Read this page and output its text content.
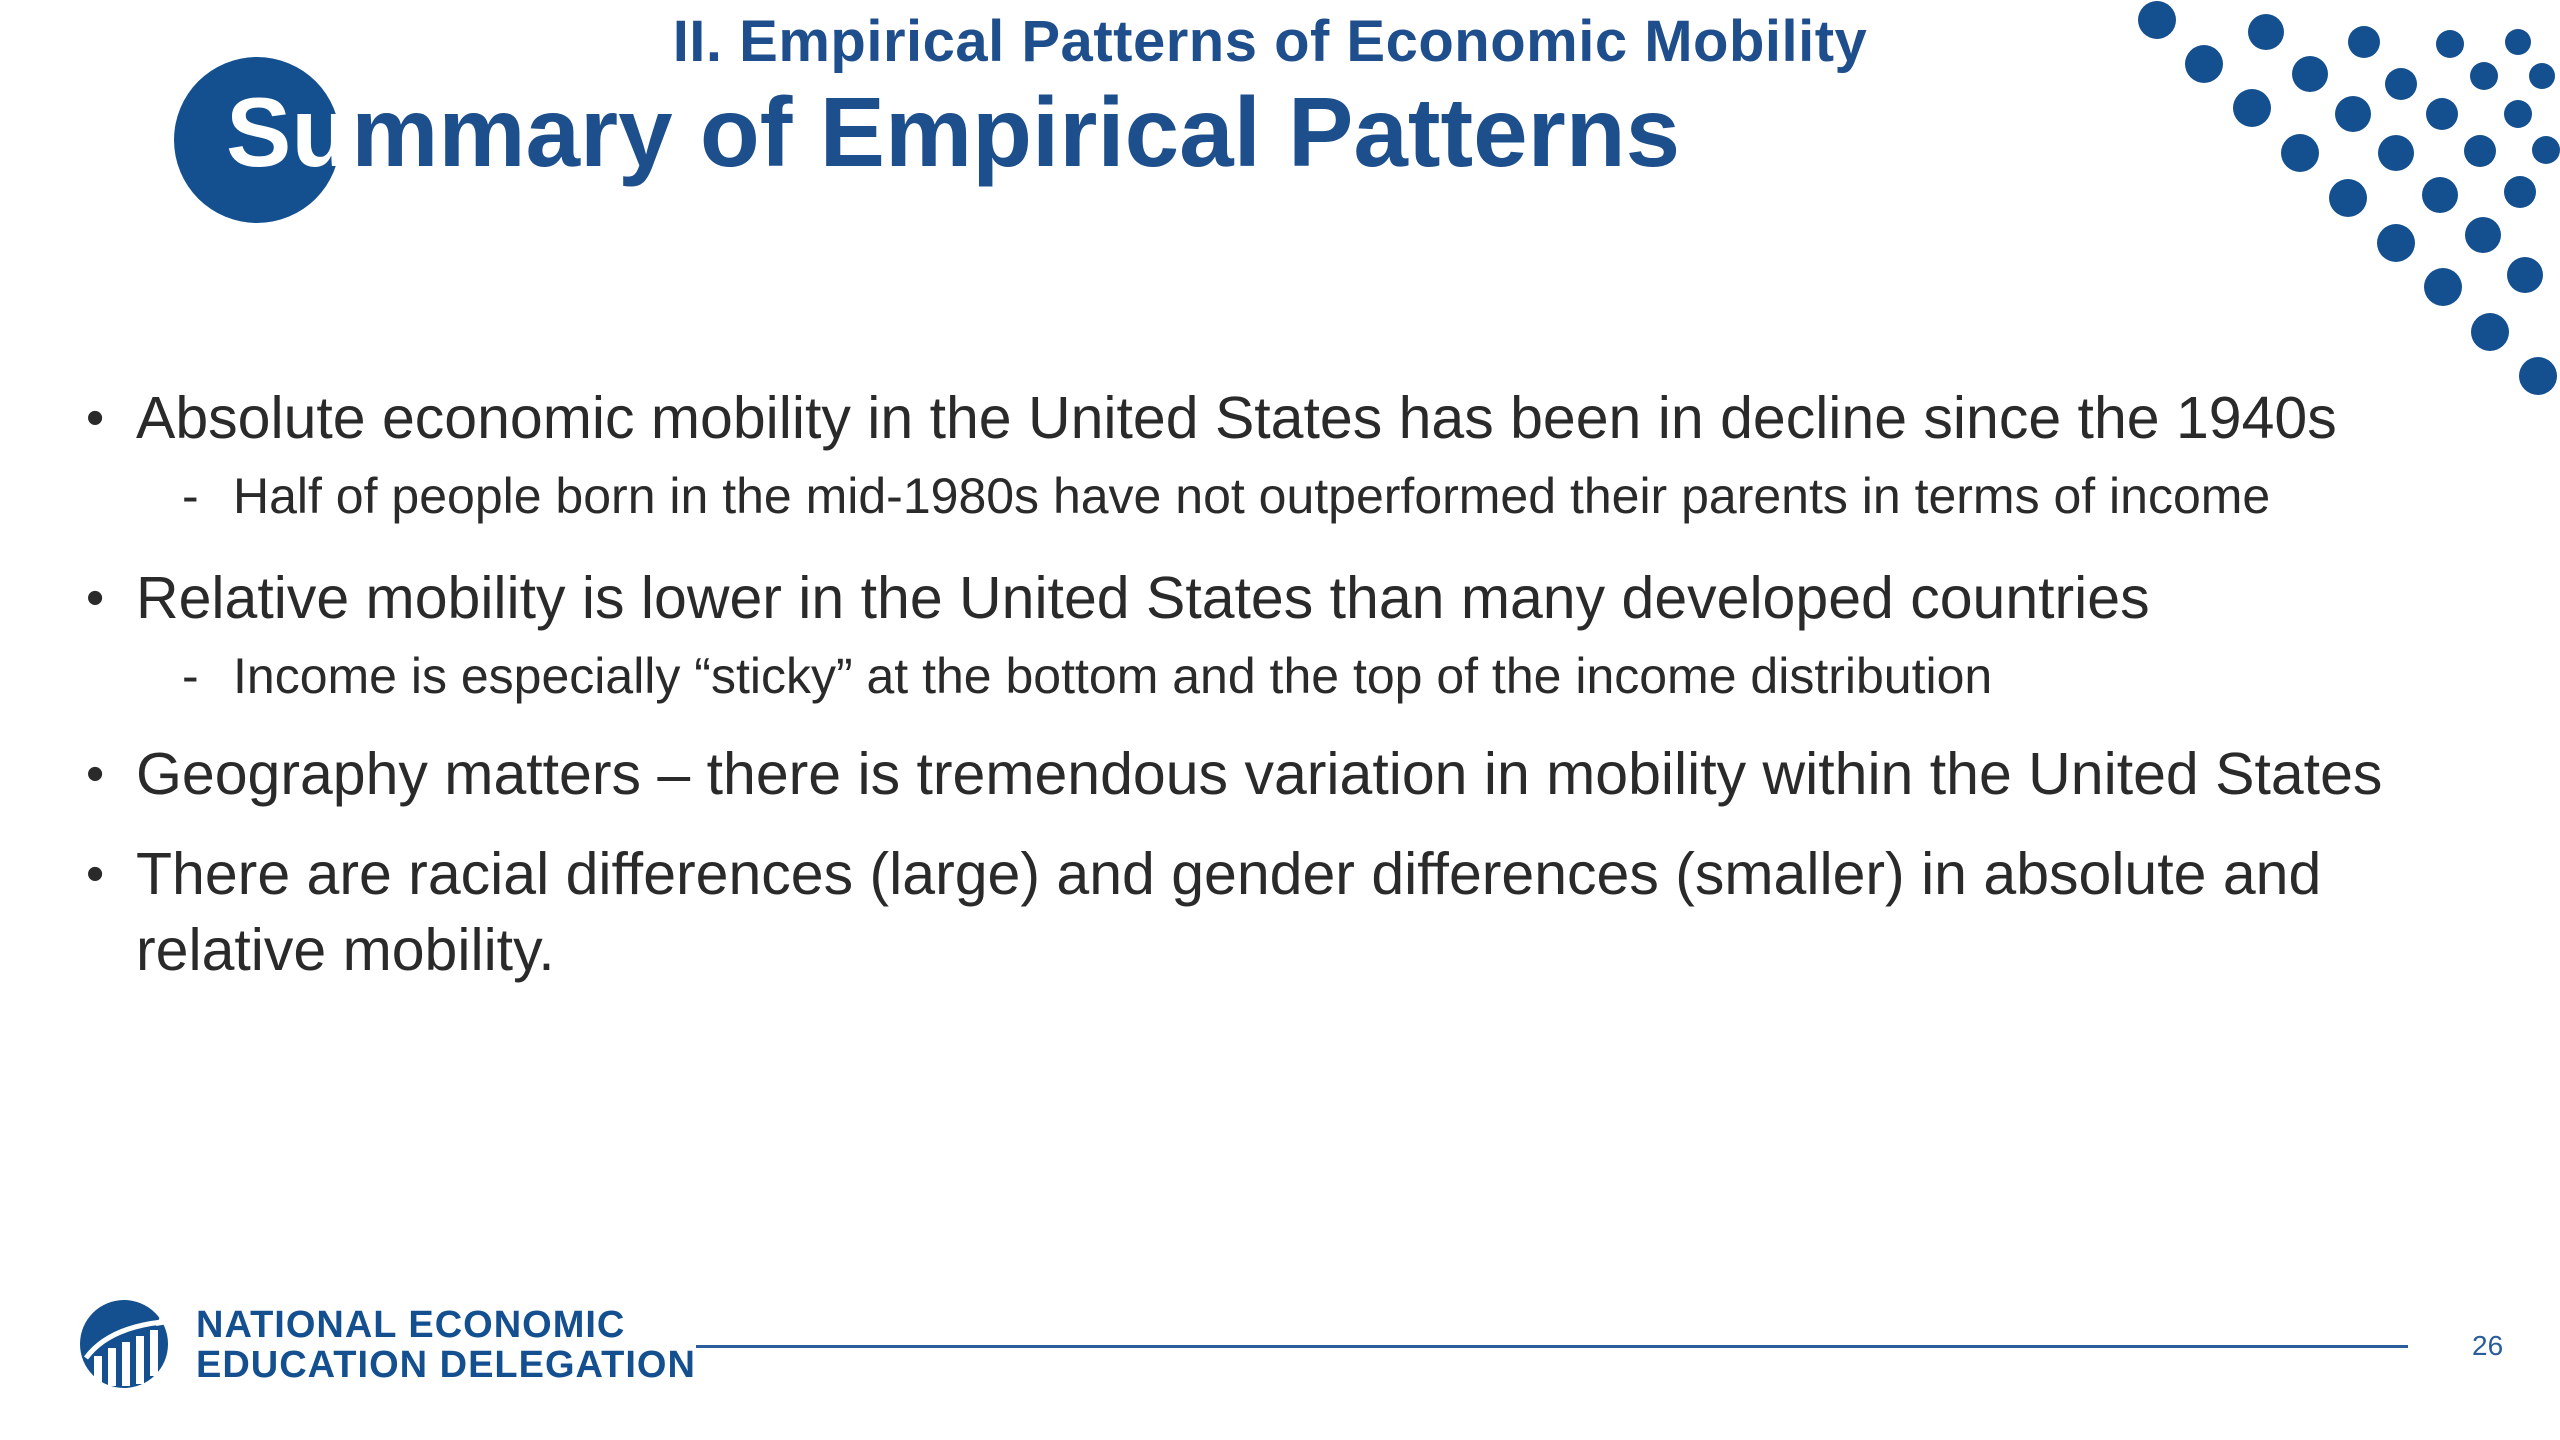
II. Empirical Patterns of Economic Mobility
Summary of Empirical Patterns
• Absolute economic mobility in the United States has been in decline since the 1940s
- Half of people born in the mid-1980s have not outperformed their parents in terms of income
• Relative mobility is lower in the United States than many developed countries
- Income is especially “sticky” at the bottom and the top of the income distribution
• Geography matters – there is tremendous variation in mobility within the United States
• There are racial differences (large) and gender differences (smaller) in absolute and relative mobility.
NATIONAL ECONOMIC
EDUCATION DELEGATION	26
